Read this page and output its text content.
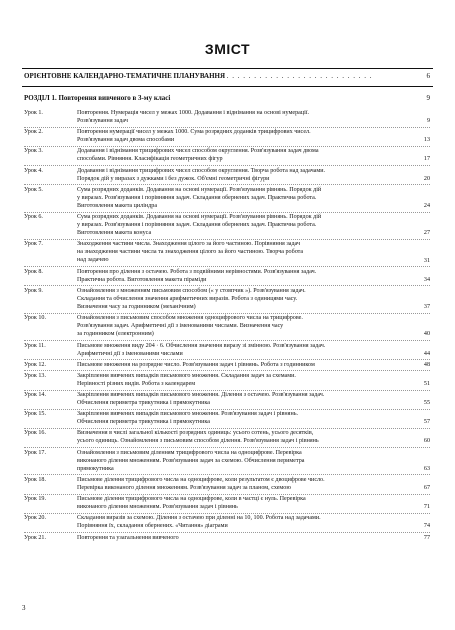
ЗМІСТ
ОРІЄНТОВНЕ КАЛЕНДАРНО-ТЕМАТИЧНЕ ПЛАНУВАННЯ . . . . . . . . . . . . . . . . . . . . . . . . . . .	6
РОЗДІЛ 1. Повторення вивченого в 3-му класі	9
Урок 1.	Повторення. Нумерація чисел у межах 1000. Додавання і віднімання на основі нумерації.
Розв'язування задач	9
Урок 2.	Повторення нумерації чисел у межах 1000. Сума розрядних доданків трицифрових чисел.
Розв'язування задач двома способами	13
Урок 3.	Додавання і віднімання трицифрових чисел способом округлення. Розв'язування задач двома
способами. Рівняння. Класифікація геометричних фігур	17
Урок 4.	Додавання і віднімання трицифрових чисел способом округлення. Творча робота над задачами.
Порядок дій у виразах з дужками і без дужок. Об'ємні геометричні фігури	20
Урок 5.	Сума розрядних доданків. Додавання на основі нумерації. Розв'язування рівнянь. Порядок дій
у виразах. Розв'язування і порівняння задач. Складання обернених задач. Практична робота.
Виготовлення макета циліндра	24
Урок 6.	Сума розрядних доданків. Додавання на основі нумерації. Розв'язування рівнянь. Порядок дій
у виразах. Розв'язування і порівняння задач. Складання обернених задач. Практична робота.
Виготовлення макета конуса	27
Урок 7.	Знаходження частини числа. Знаходження цілого за його частиною. Порівняння задач
на знаходження частини числа та знаходження цілого за його частиною. Творча робота
над задачею	31
Урок 8.	Повторення про ділення з остачею. Робота з подвійними нерівностями. Розв'язування задач.
Практична робота. Виготовлення макета піраміди	34
Урок 9.	Ознайомлення з множенням письмовим способом (« у стовпчик »). Розв'язування задач.
Складання та обчислення значення арифметичних виразів. Робота з одиницями часу.
Визначення часу за годинником (механічним)	37
Урок 10.	Ознайомлення з письмовим способом множення одноцифрового числа на трицифрове.
Розв'язування задач. Арифметичні дії з іменованими числами. Визначення часу
за годинником (електронним)	40
Урок 11.	Письмове множення виду 204 · 6. Обчислення значення виразу зі змінною. Розв'язування задач.
Арифметичні дії з іменованими числами	44
Урок 12.	Письмове множення на розрядне число. Розв'язування задач і рівнянь. Робота з годинником	48
Урок 13.	Закріплення вивчених випадків письмового множення. Складання задач за схемами.
Нерівності різних видів. Робота з календарем	51
Урок 14.	Закріплення вивчених випадків письмового множення. Ділення з остачею. Розв'язування задач.
Обчислення периметра трикутника і прямокутника	55
Урок 15.	Закріплення вивчених випадків письмового множення. Розв'язування задач і рівнянь.
Обчислення периметра трикутника і прямокутника	57
Урок 16.	Визначення в числі загальної кількості розрядних одиниць: усього сотень, усього десятків,
усього одиниць. Ознайомлення з письмовим способом ділення. Розв'язування задач і рівнянь	60
Урок 17.	Ознайомлення з письмовим діленням трицифрового числа на одноцифрове. Перевірка
виконаного ділення множенням. Розв'язування задач за схемою. Обчислення периметра
прямокутника	63
Урок 18.	Письмове ділення трицифрового числа на одноцифрове, коли результатом є двоцифрове число.
Перевірка виконаного ділення множенням. Розв'язування задач за планом, схемою	67
Урок 19.	Письмове ділення трицифрового числа на одноцифрове, коли в частці є нуль. Перевірка
виконаного ділення множенням. Розв'язування задач і рівнянь	71
Урок 20.	Складання виразів за схемою. Ділення з остачею при діленні на 10, 100. Робота над задачами.
Порівняння їх, складання обернених. «Читання» діаграми	74
Урок 21.	Повторення та узагальнення вивченого	77
3
